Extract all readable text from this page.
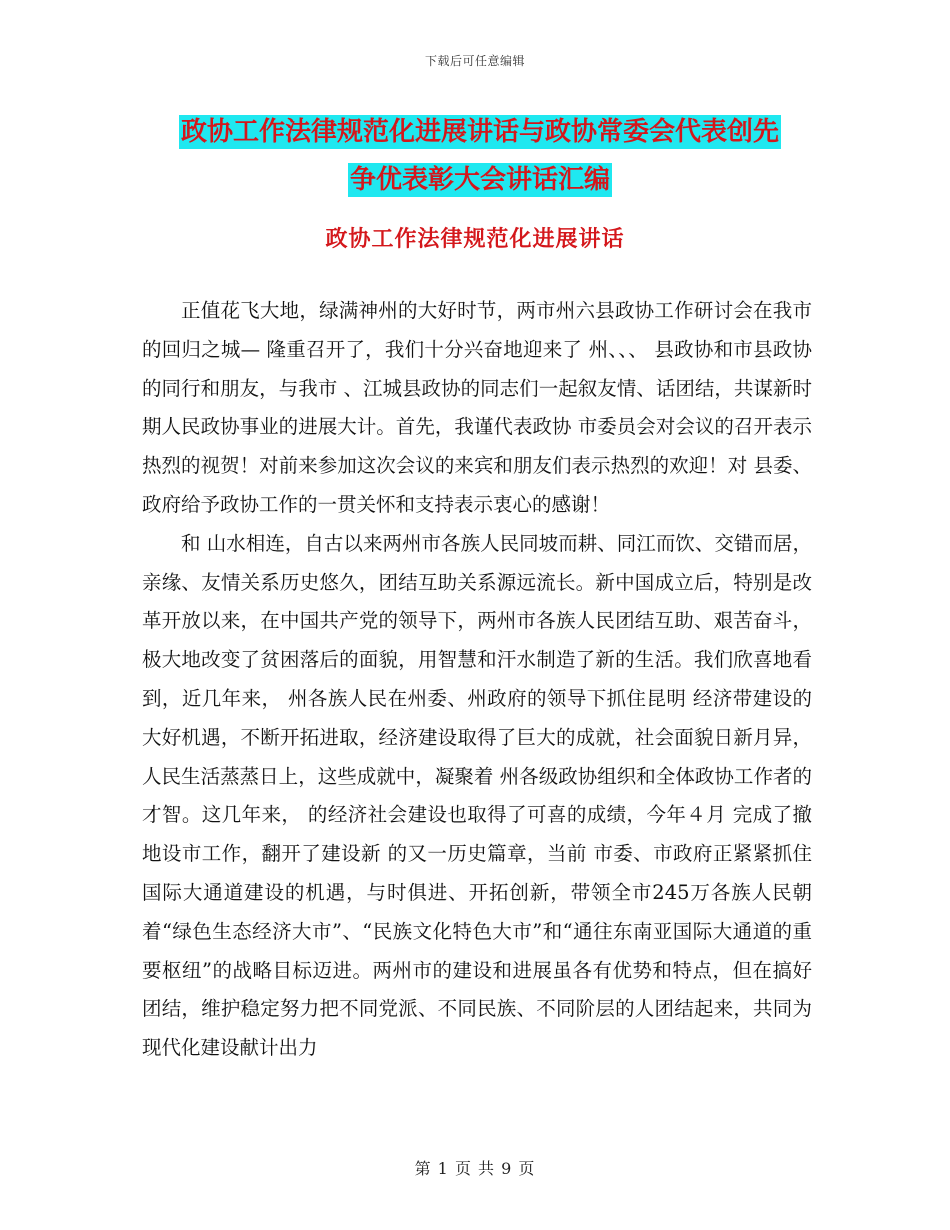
下载后可任意编辑
政协工作法律规范化进展讲话与政协常委会代表创先
争优表彰大会讲话汇编
政协工作法律规范化进展讲话

正值花飞大地，绿满神州的大好时节，两市州六县政协工作研讨会在我市的回归之城— 隆重召开了，我们十分兴奋地迎来了 州、、、 县政协和市县政协的同行和朋友，与我市 、江城县政协的同志们一起叙友情、话团结，共谋新时期人民政协事业的进展大计。首先，我谨代表政协 市委员会对会议的召开表示热烈的视贺！对前来参加这次会议的来宾和朋友们表示热烈的欢迎！对 县委、政府给予政协工作的一贯关怀和支持表示衷心的感谢！

和 山水相连，自古以来两州市各族人民同坡而耕、同江而饮、交错而居，亲缘、友情关系历史悠久，团结互助关系源远流长。新中国成立后，特别是改革开放以来，在中国共产党的领导下，两州市各族人民团结互助、艰苦奋斗，极大地改变了贫困落后的面貌，用智慧和汗水制造了新的生活。我们欣喜地看到，近几年来， 州各族人民在州委、州政府的领导下抓住昆明 经济带建设的大好机遇，不断开拓进取，经济建设取得了巨大的成就，社会面貌日新月异，人民生活蒸蒸日上，这些成就中，凝聚着 州各级政协组织和全体政协工作者的才智。这几年来， 的经济社会建设也取得了可喜的成绩，今年４月 完成了撤地设市工作，翻开了建设新 的又一历史篇章，当前 市委、市政府正紧紧抓住国际大通道建设的机遇，与时俱进、开拓创新，带领全市245万各族人民朝着“绿色生态经济大市”、“民族文化特色大市”和“通往东南亚国际大通道的重要枢纽”的战略目标迈进。两州市的建设和进展虽各有优势和特点，但在搞好团结，维护稳定努力把不同党派、不同民族、不同阶层的人团结起来，共同为现代化建设献计出力

第 1 页 共 9 页
